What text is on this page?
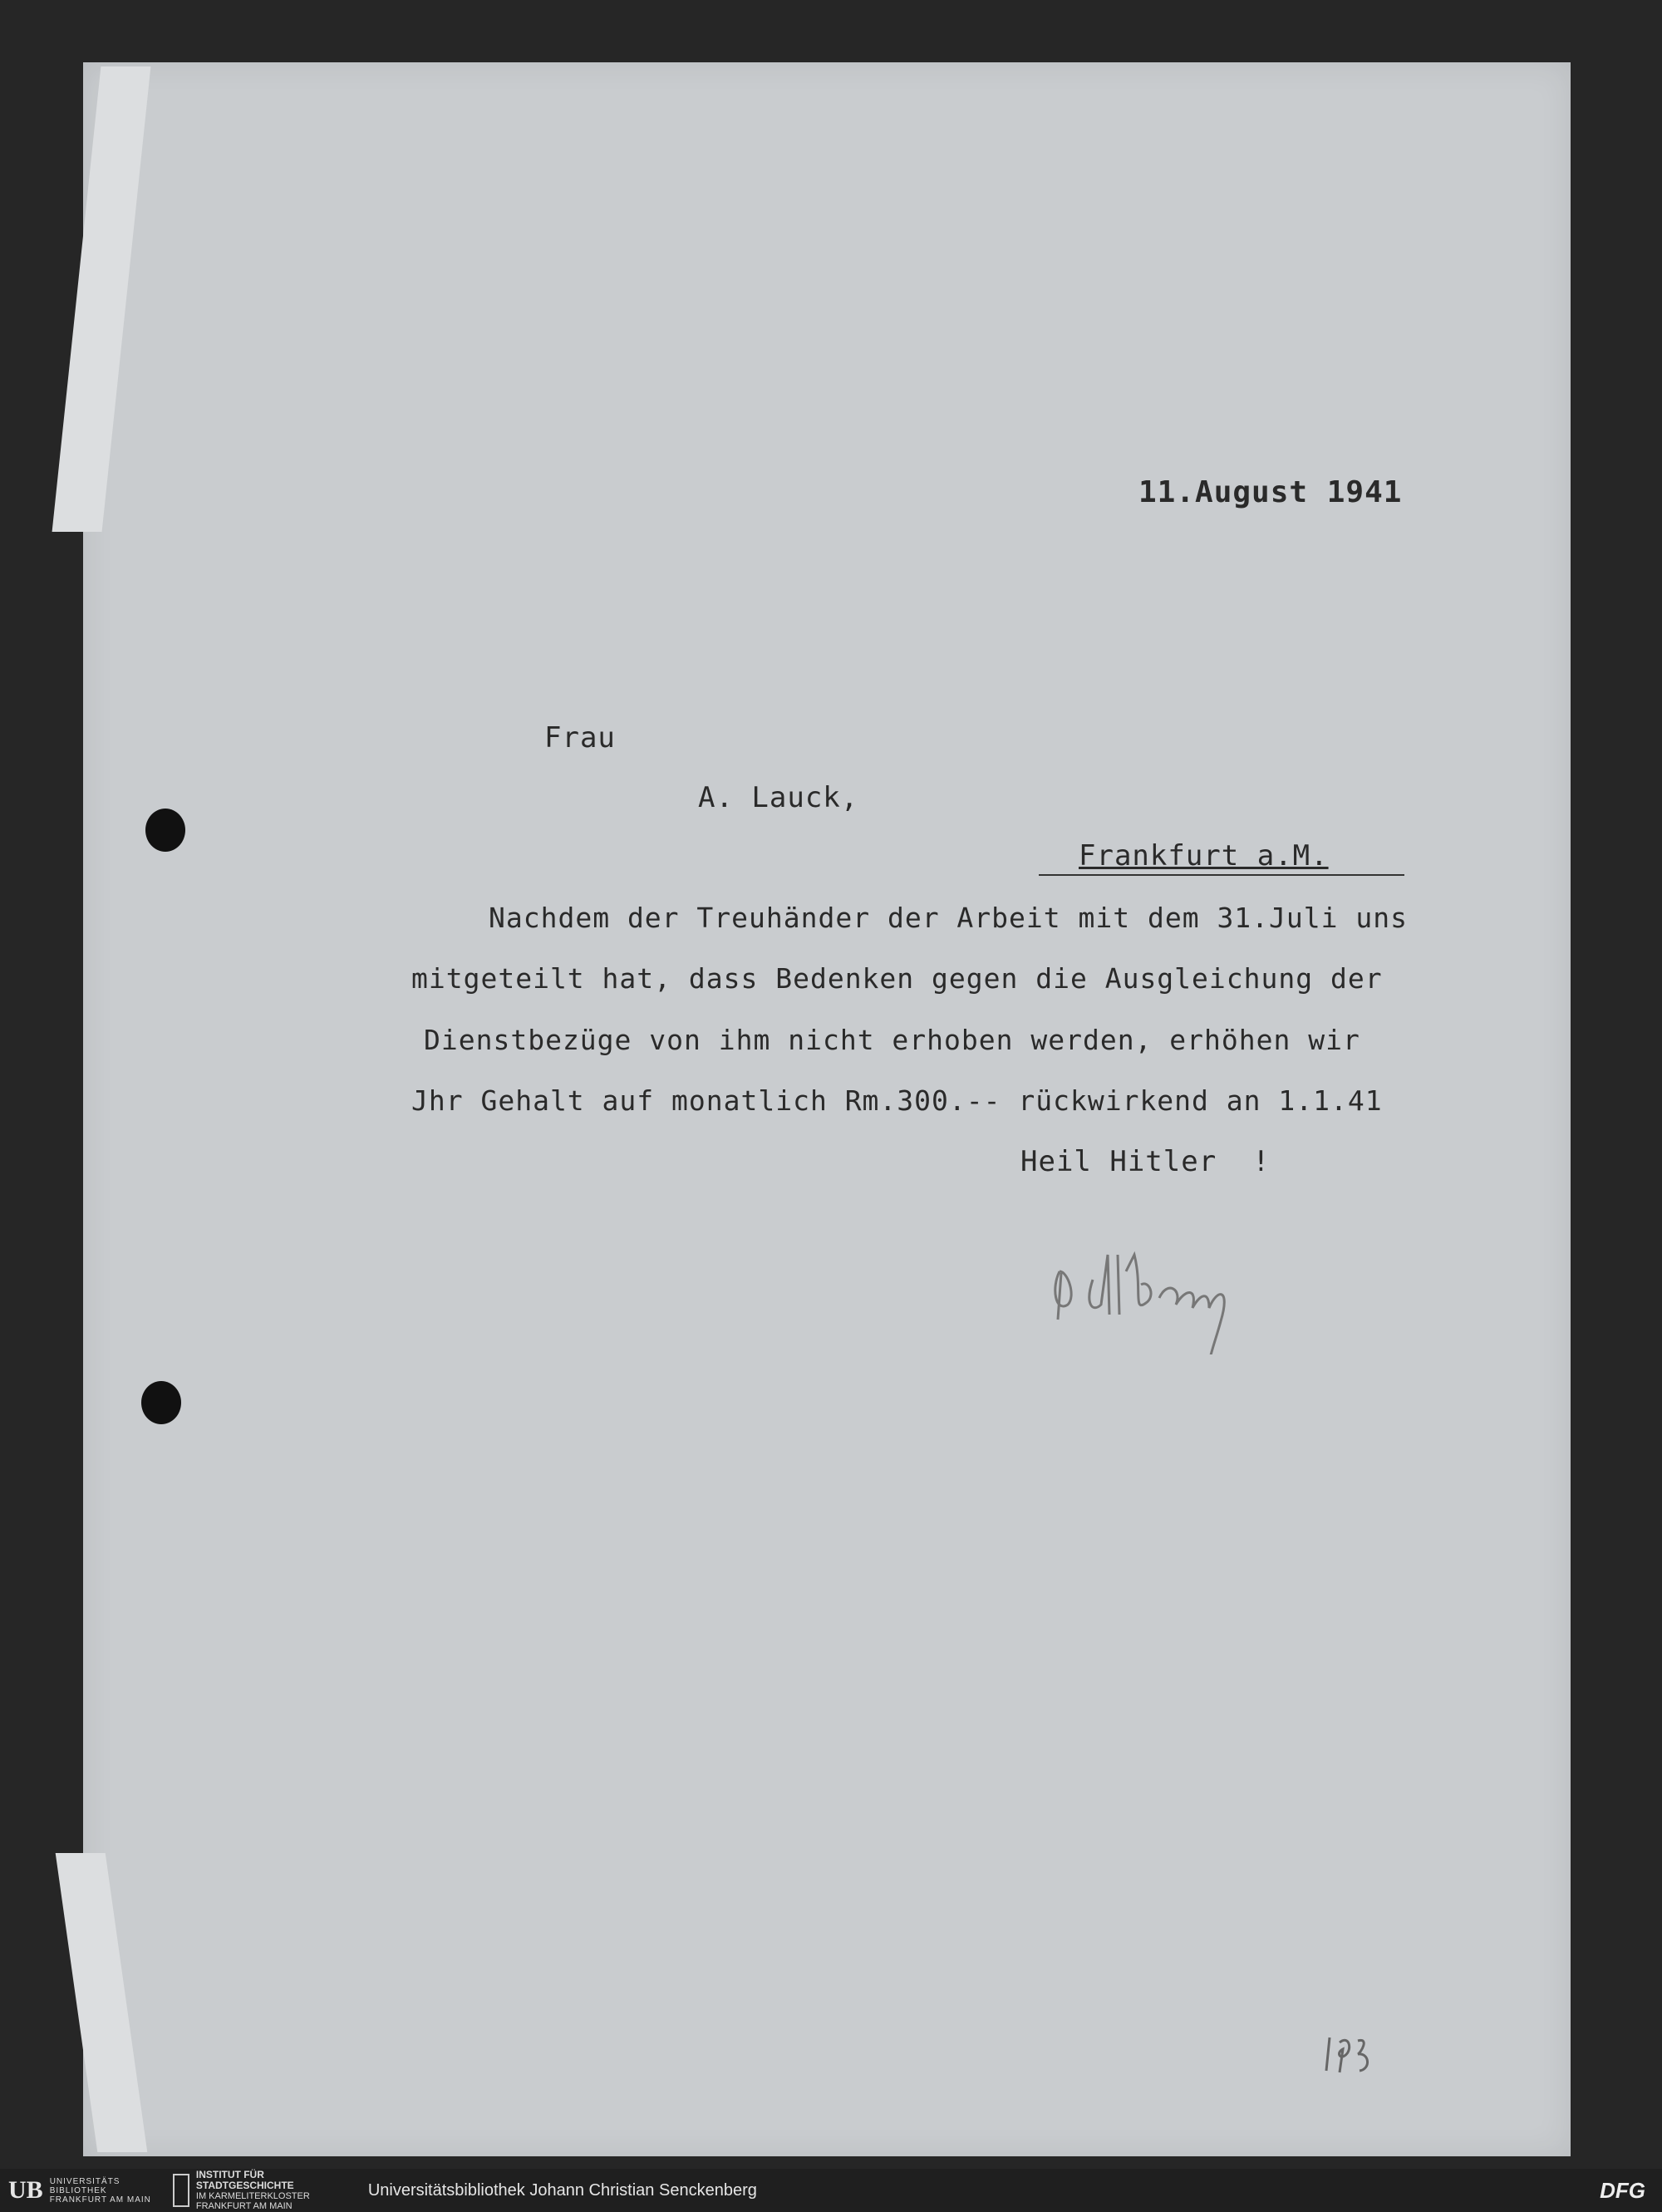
11.August 1941
Frau
A. Lauck,
Frankfurt a.M.
Nachdem der Treuhänder der Arbeit mit dem 31.Juli uns
mitgeteilt hat, dass Bedenken gegen die Ausgleichung der
Dienstbezüge von ihm nicht erhoben werden, erhöhen wir
Jhr Gehalt auf monatlich Rm.300.-- rückwirkend an 1.1.41
Heil Hitler  !
UB UNIVERSITÄTS
BIBLIOTHEK
FRANKFURT AM MAIN
INSTITUT FÜR
STADTGESCHICHTE
IM KARMELITERKLOSTER
FRANKFURT AM MAIN
Universitätsbibliothek Johann Christian Senckenberg	DFG
